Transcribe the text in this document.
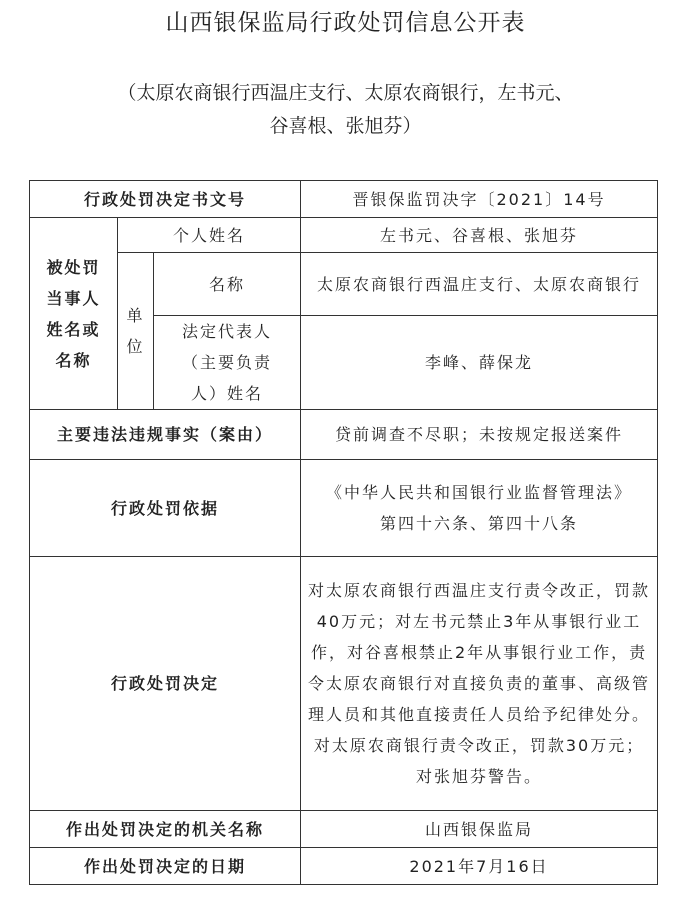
山西银保监局行政处罚信息公开表
（太原农商银行西温庄支行、太原农商银行，左书元、
谷喜根、张旭芬）
行政处罚决定书文号			晋银保监罚决字〔2021〕14号

被处罚
当事人
姓名或
名称	个人姓名		左书元、谷喜根、张旭芬

	单
位	名称	太原农商银行西温庄支行、太原农商银行

		法定代表人
（主要负责
人）姓名	李峰、薛保龙
主要违法违规事实（案由）			贷前调查不尽职；未按规定报送案件
行政处罚依据			《中华人民共和国银行业监督管理法》
第四十六条、第四十八条

行政处罚决定			对太原农商银行西温庄支行责令改正，罚款40万元；对左书元禁止3年从事银行业工作，对谷喜根禁止2年从事银行业工作，责令太原农商银行对直接负责的董事、高级管理人员和其他直接责任人员给予纪律处分。对太原农商银行责令改正，罚款30万元；对张旭芬警告。
作出处罚决定的机关名称			山西银保监局
作出处罚决定的日期			2021年7月16日
